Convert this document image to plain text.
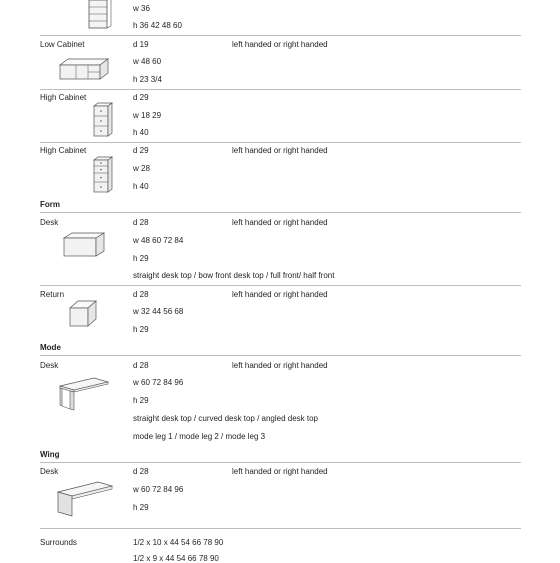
w 36
h 36 42 48 60
Low Cabinet	d 19	left handed or right handed
w 48 60
h 23 3/4
High Cabinet	d 29
w 18 29
h 40
High Cabinet	d 29	left handed or right handed
w 28
h 40
Form
Desk	d 28	left handed or right handed
w 48 60 72 84
h 29
straight desk top / bow front desk top / full front/ half front
Return	d 28	left handed or right handed
w 32 44 56 68
h 29
Mode
Desk	d 28	left handed or right handed
w 60 72 84 96
h 29
straight desk top / curved desk top / angled desk top
mode leg 1 / mode leg 2 / mode leg 3
Wing
Desk	d 28	left handed or right handed
w 60 72 84 96
h 29
Surrounds	1/2 x 10 x 44 54 66 78 90
1/2 x 9 x 44 54 66 78 90
